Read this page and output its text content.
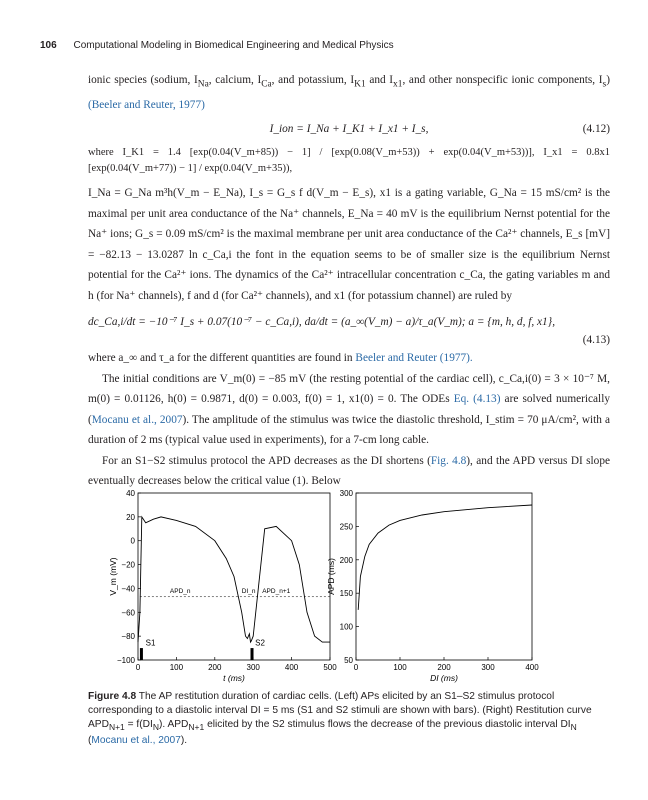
106 Computational Modeling in Biomedical Engineering and Medical Physics

ionic species (sodium, $I_{Na}$, calcium, $I_{Ca}$, and potassium, $I_{K1}$ and $I_{x1}$, and other nonspecific ionic components, $I_s$) (Beeler and Reuter, 1977)

I_ion = I_Na + I_K1 + I_x1 + I_s,	(4.12)
where I_K1 = 1.4 [exp(0.04(V_m+85)) − 1] / [exp(0.08(V_m+53)) + exp(0.04(V_m+53))], I_x1 = 0.8x1 [exp(0.04(V_m+77)) − 1] / exp(0.04(V_m+35)),

I_Na = G_Na m³h(V_m − E_Na), I_s = G_s f d(V_m − E_s), x1 is a gating variable, G_Na = 15 mS/cm² is the maximal per unit area conductance of the Na⁺ channels, E_Na = 40 mV is the equilibrium Nernst potential for the Na⁺ ions; G_s = 0.09 mS/cm² is the maximal membrane per unit area conductance of the Ca²⁺ channels, E_s [mV] = −82.13 − 13.0287 ln c_Ca,i the font in the equation seems to be of smaller size is the equilibrium Nernst potential for the Ca²⁺ ions. The dynamics of the Ca²⁺ intracellular concentration c_Ca, the gating variables m and h (for Na⁺ channels), f and d (for Ca²⁺ channels), and x1 (for potassium channel) are ruled by

dc_Ca,i/dt = −10⁻⁷ I_s + 0.07(10⁻⁷ − c_Ca,i), da/dt = (a_∞(V_m) − a)/τ_a(V_m); a = {m, h, d, f, x1},
(4.13)

where a_∞ and τ_a for the different quantities are found in Beeler and Reuter (1977).

The initial conditions are V_m(0) = −85 mV (the resting potential of the cardiac cell), c_Ca,i(0) = 3 × 10⁻⁷ M, m(0) = 0.01126, h(0) = 0.9871, d(0) = 0.003, f(0) = 1, x1(0) = 0. The ODEs Eq. (4.13) are solved numerically (Mocanu et al., 2007). The amplitude of the stimulus was twice the diastolic threshold, I_stim = 70 μA/cm², with a duration of 2 ms (typical value used in experiments), for a 7-cm long cable.

For an S1−S2 stimulus protocol the APD decreases as the DI shortens (Fig. 4.8), and the APD versus DI slope eventually decreases below the critical value (1). Below

0	100	200	300	400	500
40
20
0
−20
−40
−60
−80
−100
t (ms)
V_m (mV)
0	100	200	300	400
300
250
200
150
100
50
DI (ms)
APD (ms)
APD_n	DI_n APD_n+1
S1	S2
Figure 4.8 The AP restitution duration of cardiac cells. (Left) APs elicited by an S1–S2 stimulus protocol corresponding to a diastolic interval DI = 5 ms (S1 and S2 stimuli are shown with bars). (Right) Restitution curve $APD_{N+1} = f(DI_N)$. $APD_{N+1}$ elicited by the S2 stimulus flows the decrease of the previous diastolic interval $DI_N$ (Mocanu et al., 2007).
